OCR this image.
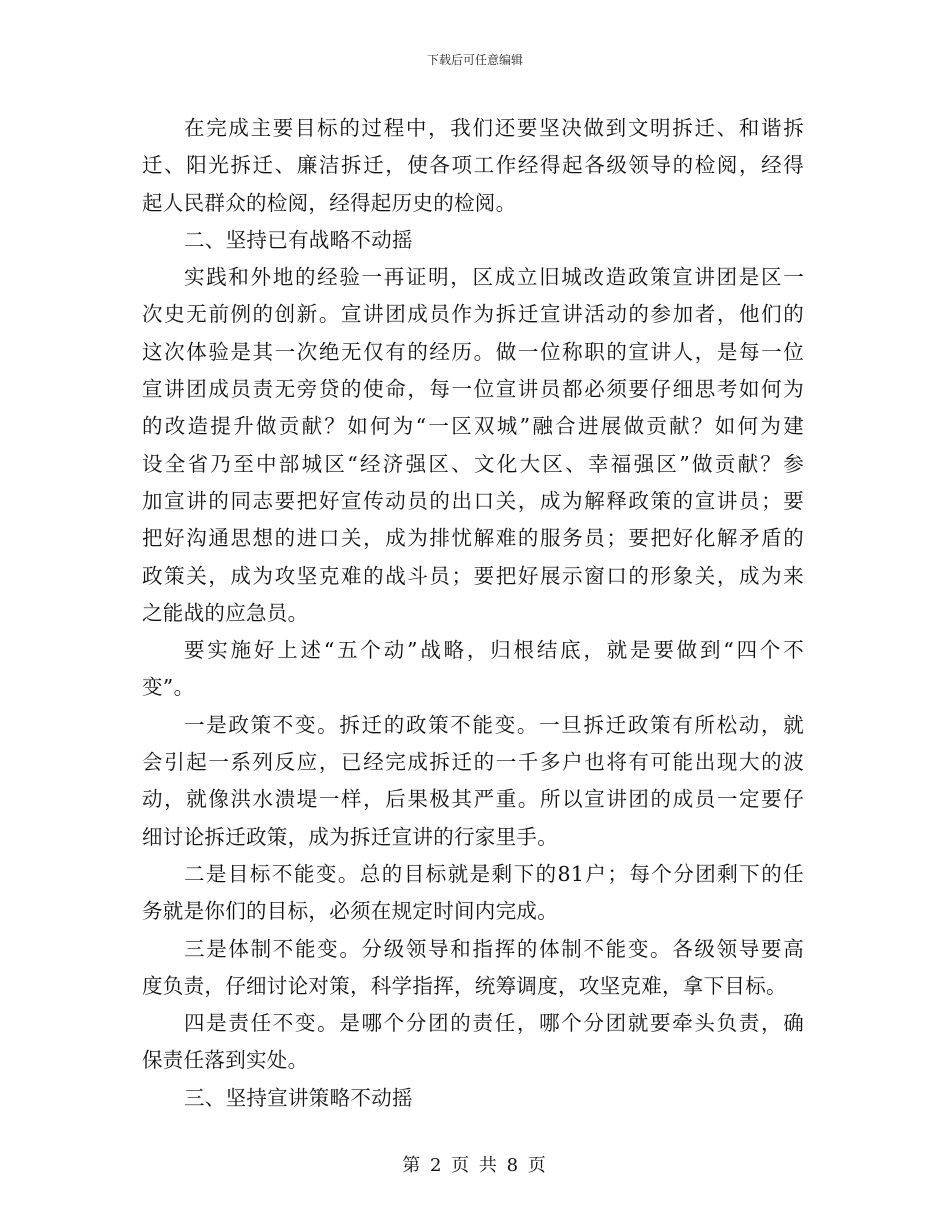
下载后可任意编辑

在完成主要目标的过程中，我们还要坚决做到文明拆迁、和谐拆
迁、阳光拆迁、廉洁拆迁，使各项工作经得起各级领导的检阅，经得
起人民群众的检阅，经得起历史的检阅。

二、坚持已有战略不动摇

实践和外地的经验一再证明，区成立旧城改造政策宣讲团是区一
次史无前例的创新。宣讲团成员作为拆迁宣讲活动的参加者，他们的
这次体验是其一次绝无仅有的经历。做一位称职的宣讲人，是每一位
宣讲团成员责无旁贷的使命，每一位宣讲员都必须要仔细思考如何为
的改造提升做贡献？如何为“一区双城”融合进展做贡献？如何为建
设全省乃至中部城区“经济强区、文化大区、幸福强区”做贡献？参
加宣讲的同志要把好宣传动员的出口关，成为解释政策的宣讲员；要
把好沟通思想的进口关，成为排忧解难的服务员；要把好化解矛盾的
政策关，成为攻坚克难的战斗员；要把好展示窗口的形象关，成为来
之能战的应急员。

要实施好上述“五个动”战略，归根结底，就是要做到“四个不
变”。

一是政策不变。拆迁的政策不能变。一旦拆迁政策有所松动，就
会引起一系列反应，已经完成拆迁的一千多户也将有可能出现大的波
动，就像洪水溃堤一样，后果极其严重。所以宣讲团的成员一定要仔
细讨论拆迁政策，成为拆迁宣讲的行家里手。

二是目标不能变。总的目标就是剩下的81户；每个分团剩下的任
务就是你们的目标，必须在规定时间内完成。

三是体制不能变。分级领导和指挥的体制不能变。各级领导要高
度负责，仔细讨论对策，科学指挥，统筹调度，攻坚克难，拿下目标。

四是责任不变。是哪个分团的责任，哪个分团就要牵头负责，确
保责任落到实处。

三、坚持宣讲策略不动摇

第 2 页 共 8 页
